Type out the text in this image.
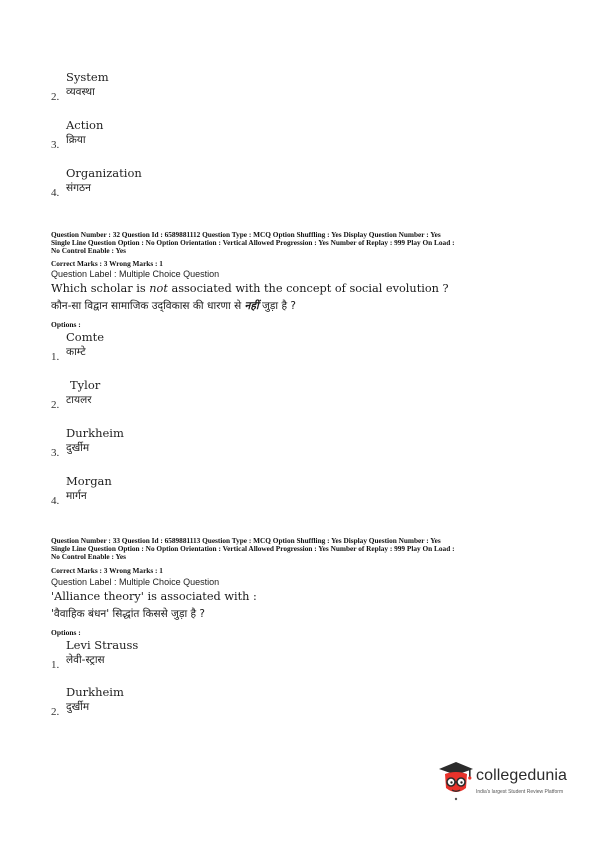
System
2. व्यवस्था
Action
3. क्रिया
Organization
4. संगठन
Question Number : 32 Question Id : 6589881112 Question Type : MCQ Option Shuffling : Yes Display Question Number : Yes
Single Line Question Option : No Option Orientation : Vertical Allowed Progression : Yes Number of Replay : 999 Play On Load :
No Control Enable : Yes
Correct Marks : 3 Wrong Marks : 1
Question Label : Multiple Choice Question
Which scholar is not associated with the concept of social evolution ?
कौन-सा विद्वान सामाजिक उद्‌विकास की धारणा से नहीं जुड़ा है ?
Options :
Comte
1. काम्टे
Tylor
2. टायलर
Durkheim
3. दुर्खीम
Morgan
4. मार्गन
Question Number : 33 Question Id : 6589881113 Question Type : MCQ Option Shuffling : Yes Display Question Number : Yes
Single Line Question Option : No Option Orientation : Vertical Allowed Progression : Yes Number of Replay : 999 Play On Load :
No Control Enable : Yes
Correct Marks : 3 Wrong Marks : 1
Question Label : Multiple Choice Question
'Alliance theory' is associated with :
'वैवाहिक बंधन' सिद्धांत किससे जुड़ा है ?
Options :
Levi Strauss
1. लेवी-स्ट्रास
Durkheim
2. दुर्खीम
collegedunia
India's largest Student Review Platform
